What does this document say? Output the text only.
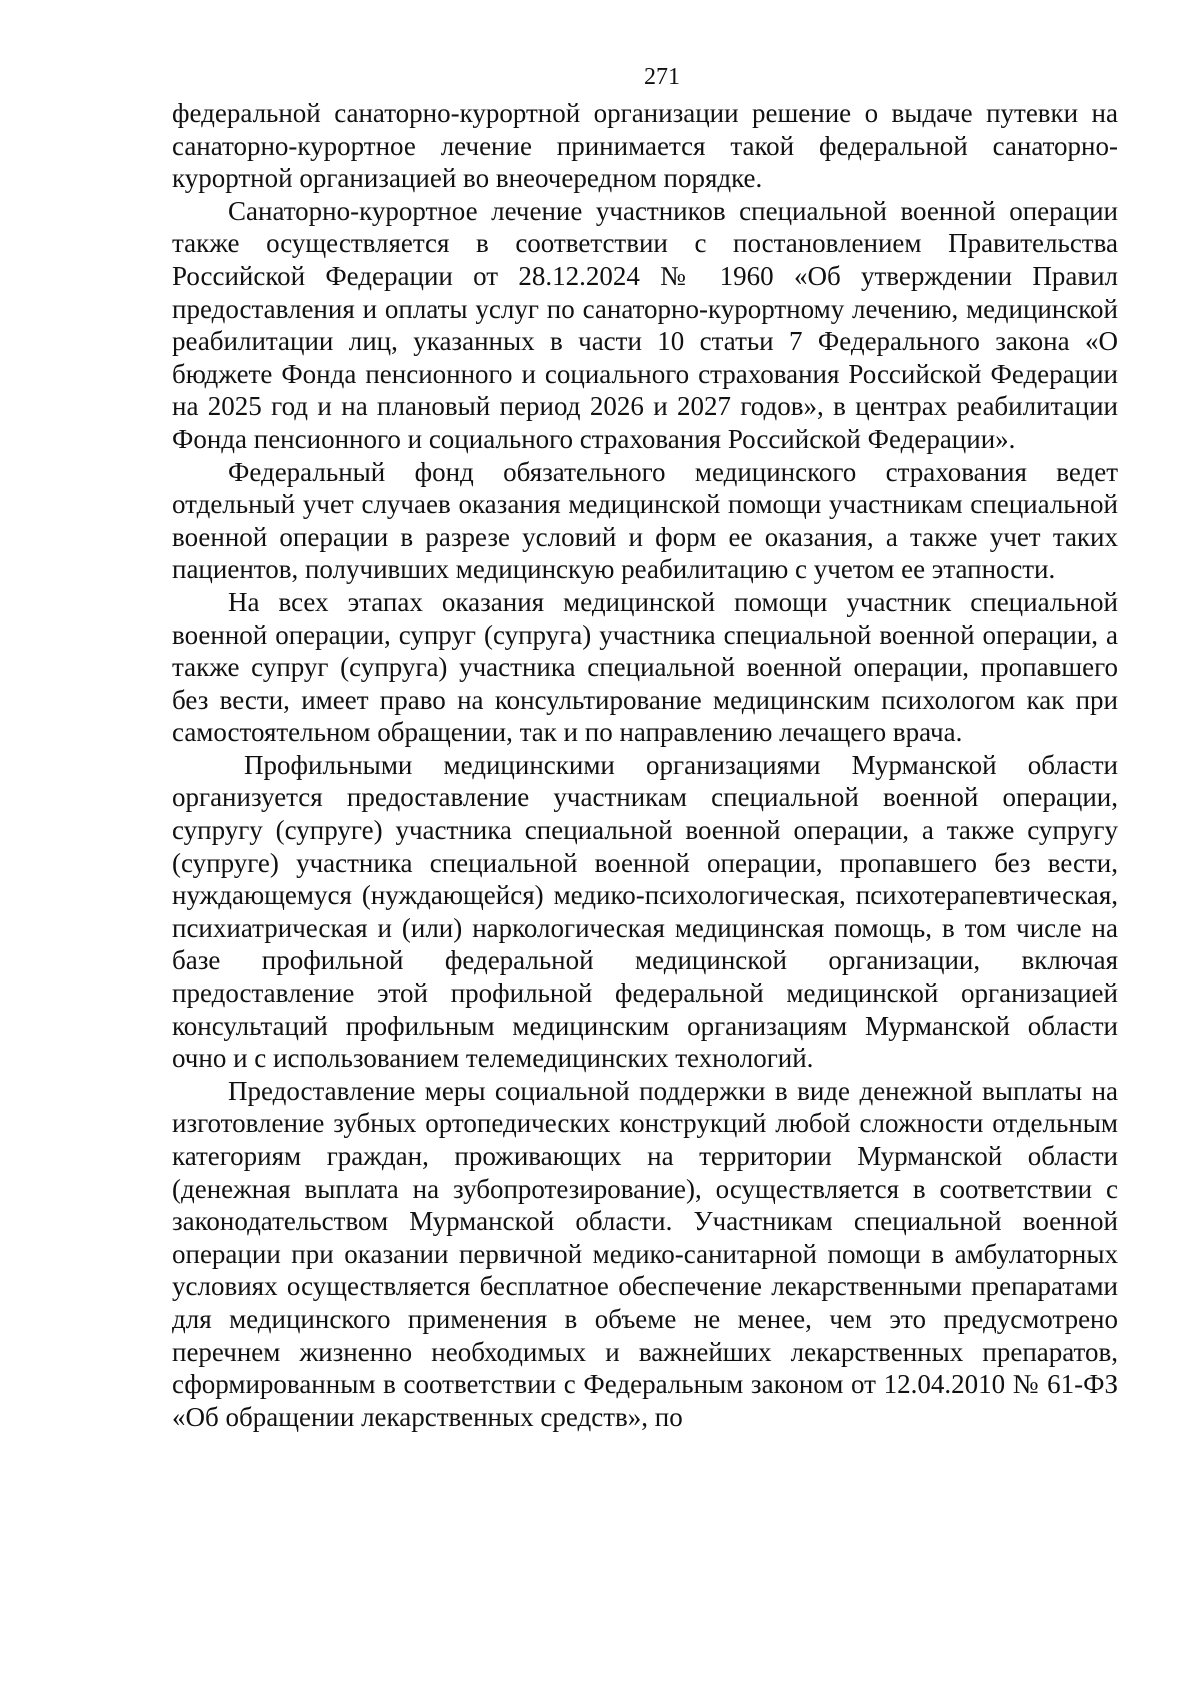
271

федеральной санаторно-курортной организации решение о выдаче путевки на санаторно-курортное лечение принимается такой федеральной санаторно-курортной организацией во внеочередном порядке.

Санаторно-курортное лечение участников специальной военной операции также осуществляется в соответствии с постановлением Правительства Российской Федерации от 28.12.2024 № 1960 «Об утверждении Правил предоставления и оплаты услуг по санаторно-курортному лечению, медицинской реабилитации лиц, указанных в части 10 статьи 7 Федерального закона «О бюджете Фонда пенсионного и социального страхования Российской Федерации на 2025 год и на плановый период 2026 и 2027 годов», в центрах реабилитации Фонда пенсионного и социального страхования Российской Федерации».

Федеральный фонд обязательного медицинского страхования ведет отдельный учет случаев оказания медицинской помощи участникам специальной военной операции в разрезе условий и форм ее оказания, а также учет таких пациентов, получивших медицинскую реабилитацию с учетом ее этапности.

На всех этапах оказания медицинской помощи участник специальной военной операции, супруг (супруга) участника специальной военной операции, а также супруг (супруга) участника специальной военной операции, пропавшего без вести, имеет право на консультирование медицинским психологом как при самостоятельном обращении, так и по направлению лечащего врача.

Профильными медицинскими организациями Мурманской области организуется предоставление участникам специальной военной операции, супругу (супруге) участника специальной военной операции, а также супругу (супруге) участника специальной военной операции, пропавшего без вести, нуждающемуся (нуждающейся) медико-психологическая, психотерапевтическая, психиатрическая и (или) наркологическая медицинская помощь, в том числе на базе профильной федеральной медицинской организации, включая предоставление этой профильной федеральной медицинской организацией консультаций профильным медицинским организациям Мурманской области очно и с использованием телемедицинских технологий.

Предоставление меры социальной поддержки в виде денежной выплаты на изготовление зубных ортопедических конструкций любой сложности отдельным категориям граждан, проживающих на территории Мурманской области (денежная выплата на зубопротезирование), осуществляется в соответствии с законодательством Мурманской области. Участникам специальной военной операции при оказании первичной медико-санитарной помощи в амбулаторных условиях осуществляется бесплатное обеспечение лекарственными препаратами для медицинского применения в объеме не менее, чем это предусмотрено перечнем жизненно необходимых и важнейших лекарственных препаратов, сформированным в соответствии с Федеральным законом от 12.04.2010 № 61-ФЗ «Об обращении лекарственных средств», по
